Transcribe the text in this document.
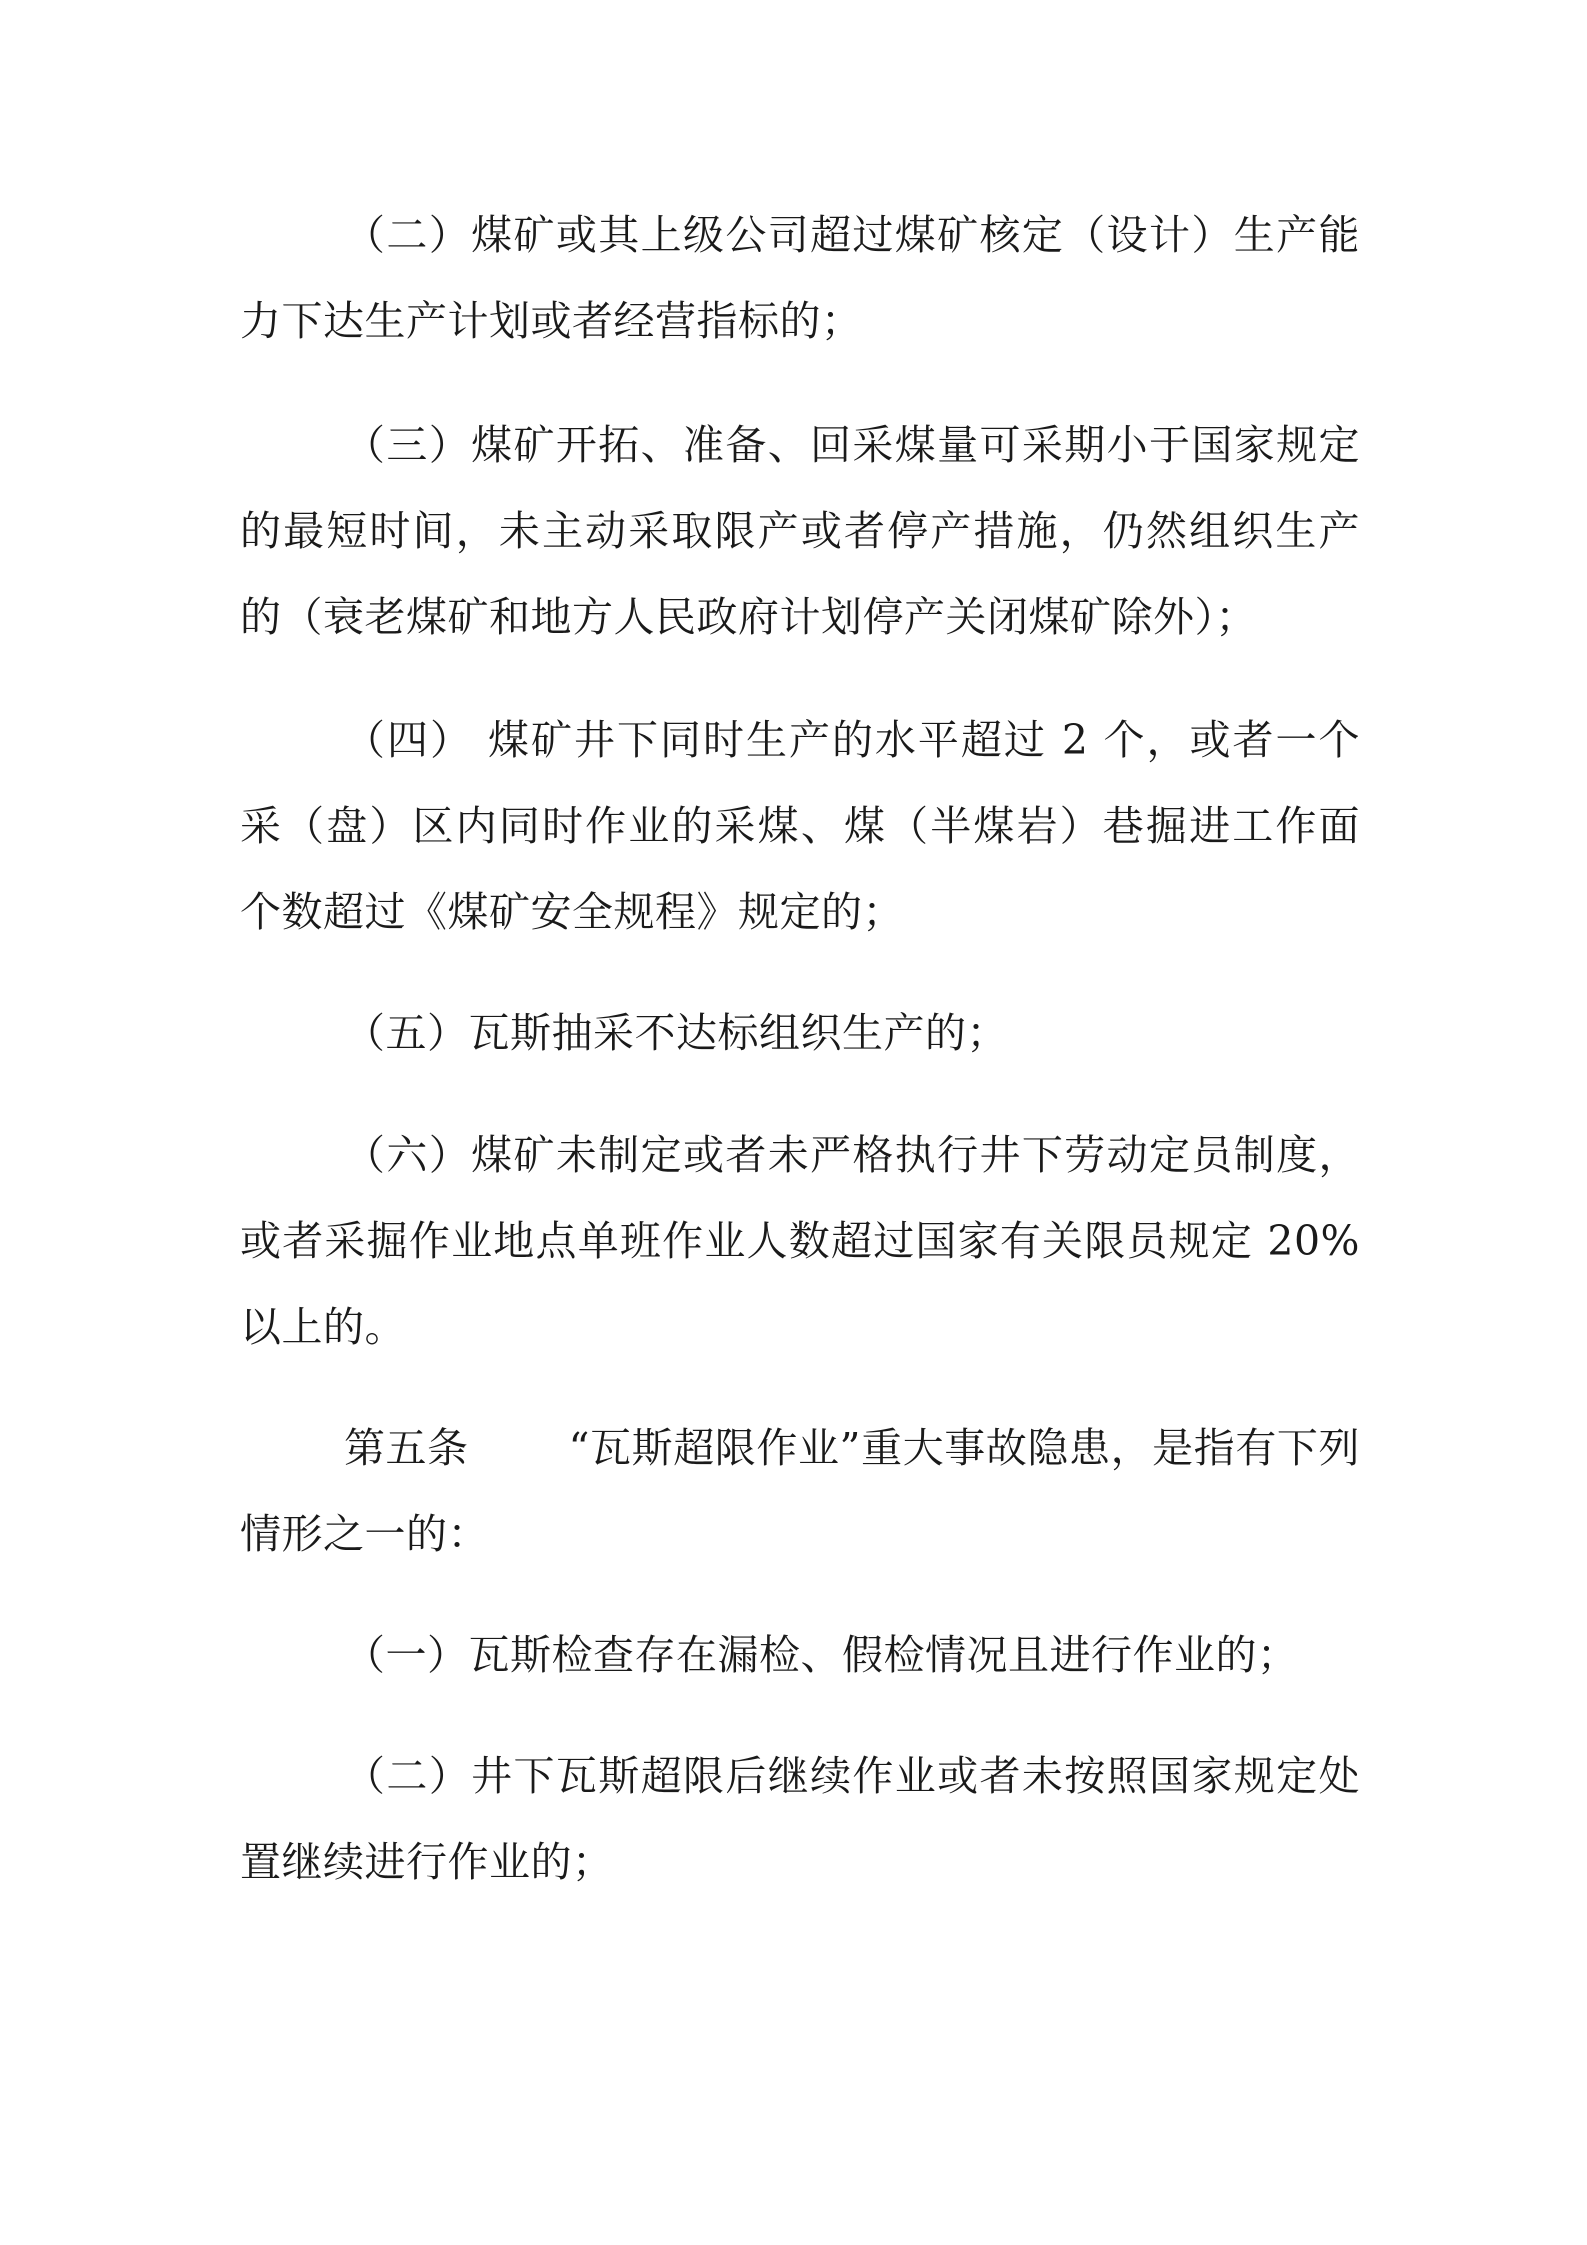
（二）煤矿或其上级公司超过煤矿核定（设计）生产能力下达生产计划或者经营指标的；

（三）煤矿开拓、准备、回采煤量可采期小于国家规定的最短时间，未主动采取限产或者停产措施，仍然组织生产的（衰老煤矿和地方人民政府计划停产关闭煤矿除外）；

（四） 煤矿井下同时生产的水平超过 2 个，或者一个采（盘）区内同时作业的采煤、煤（半煤岩）巷掘进工作面个数超过《煤矿安全规程》规定的；

（五）瓦斯抽采不达标组织生产的；

（六）煤矿未制定或者未严格执行井下劳动定员制度，或者采掘作业地点单班作业人数超过国家有关限员规定 20%以上的。

第五条 “瓦斯超限作业”重大事故隐患，是指有下列情形之一的：

（一）瓦斯检查存在漏检、假检情况且进行作业的；

（二）井下瓦斯超限后继续作业或者未按照国家规定处置继续进行作业的；
